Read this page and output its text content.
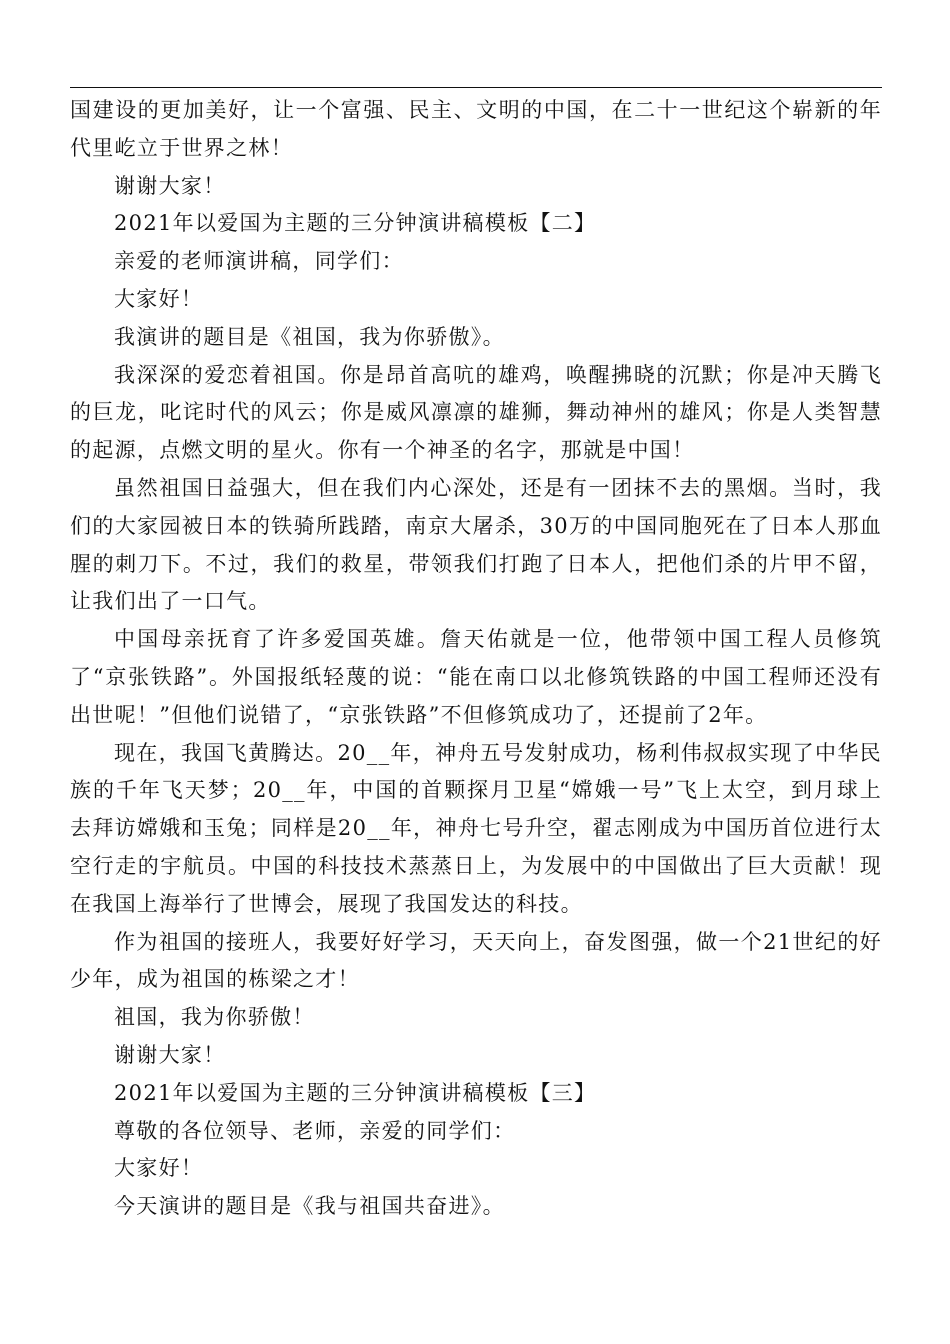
国建设的更加美好，让一个富强、民主、文明的中国，在二十一世纪这个崭新的年代里屹立于世界之林！

谢谢大家！

2021年以爱国为主题的三分钟演讲稿模板【二】

亲爱的老师演讲稿，同学们：

大家好！

我演讲的题目是《祖国，我为你骄傲》。

我深深的爱恋着祖国。你是昂首高吭的雄鸡，唤醒拂晓的沉默；你是冲天腾飞的巨龙，叱诧时代的风云；你是威风凛凛的雄狮，舞动神州的雄风；你是人类智慧的起源，点燃文明的星火。你有一个神圣的名字，那就是中国！

虽然祖国日益强大，但在我们内心深处，还是有一团抹不去的黑烟。当时，我们的大家园被日本的铁骑所践踏，南京大屠杀，30万的中国同胞死在了日本人那血腥的刺刀下。不过，我们的救星，带领我们打跑了日本人，把他们杀的片甲不留，让我们出了一口气。

中国母亲抚育了许多爱国英雄。詹天佑就是一位，他带领中国工程人员修筑了“京张铁路”。外国报纸轻蔑的说：“能在南口以北修筑铁路的中国工程师还没有出世呢！”但他们说错了，“京张铁路”不但修筑成功了，还提前了2年。

现在，我国飞黄腾达。20__年，神舟五号发射成功，杨利伟叔叔实现了中华民族的千年飞天梦；20__年，中国的首颗探月卫星“嫦娥一号”飞上太空，到月球上去拜访嫦娥和玉兔；同样是20__年，神舟七号升空，翟志刚成为中国历首位进行太空行走的宇航员。中国的科技技术蒸蒸日上，为发展中的中国做出了巨大贡献！现在我国上海举行了世博会，展现了我国发达的科技。

作为祖国的接班人，我要好好学习，天天向上，奋发图强，做一个21世纪的好少年，成为祖国的栋梁之才！

祖国，我为你骄傲！

谢谢大家！

2021年以爱国为主题的三分钟演讲稿模板【三】

尊敬的各位领导、老师，亲爱的同学们：

大家好！

今天演讲的题目是《我与祖国共奋进》。
